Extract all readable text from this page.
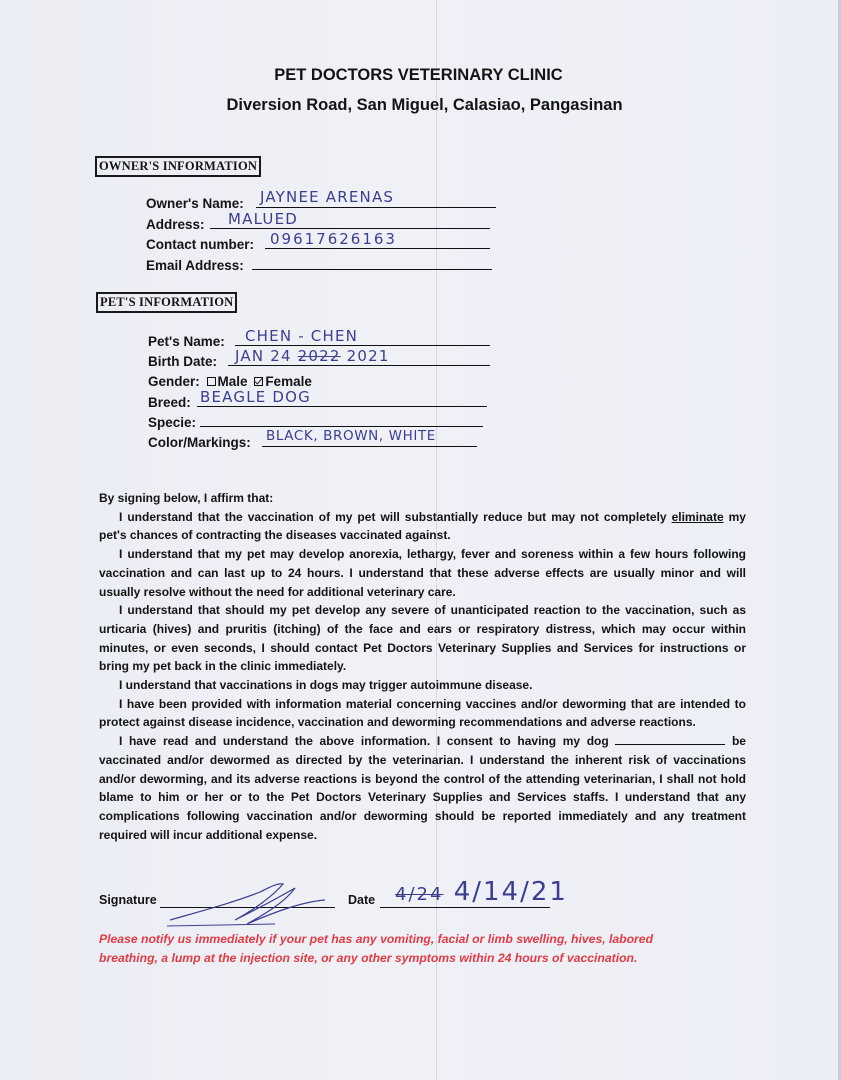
PET DOCTORS VETERINARY CLINIC
Diversion Road, San Miguel, Calasiao, Pangasinan
OWNER'S INFORMATION
Owner's Name: JAYNEE ARENAS
Address: MALUED
Contact number: 09617626163
Email Address:
PET'S INFORMATION
Pet's Name: CHEN - CHEN
Birth Date: JAN 24 2022 2021
Gender: Male Female
Breed: BEAGLE DOG
Specie:
Color/Markings: BLACK, BROWN, WHITE

By signing below, I affirm that:

I understand that the vaccination of my pet will substantially reduce but may not completely eliminate my pet's chances of contracting the diseases vaccinated against.

I understand that my pet may develop anorexia, lethargy, fever and soreness within a few hours following vaccination and can last up to 24 hours. I understand that these adverse effects are usually minor and will usually resolve without the need for additional veterinary care.

I understand that should my pet develop any severe of unanticipated reaction to the vaccination, such as urticaria (hives) and pruritis (itching) of the face and ears or respiratory distress, which may occur within minutes, or even seconds, I should contact Pet Doctors Veterinary Supplies and Services for instructions or bring my pet back in the clinic immediately.

I understand that vaccinations in dogs may trigger autoimmune disease.

I have been provided with information material concerning vaccines and/or deworming that are intended to protect against disease incidence, vaccination and deworming recommendations and adverse reactions.

I have read and understand the above information. I consent to having my dog	be vaccinated and/or dewormed as directed by the veterinarian. I understand the inherent risk of vaccinations and/or deworming, and its adverse reactions is beyond the control of the attending veterinarian, I shall not hold blame to him or her or to the Pet Doctors Veterinary Supplies and Services staffs. I understand that any complications following vaccination and/or deworming should be reported immediately and any treatment required will incur additional expense.

Signature	Date 4/24 4/14/21
Please notify us immediately if your pet has any vomiting, facial or limb swelling, hives, labored breathing, a lump at the injection site, or any other symptoms within 24 hours of vaccination.
